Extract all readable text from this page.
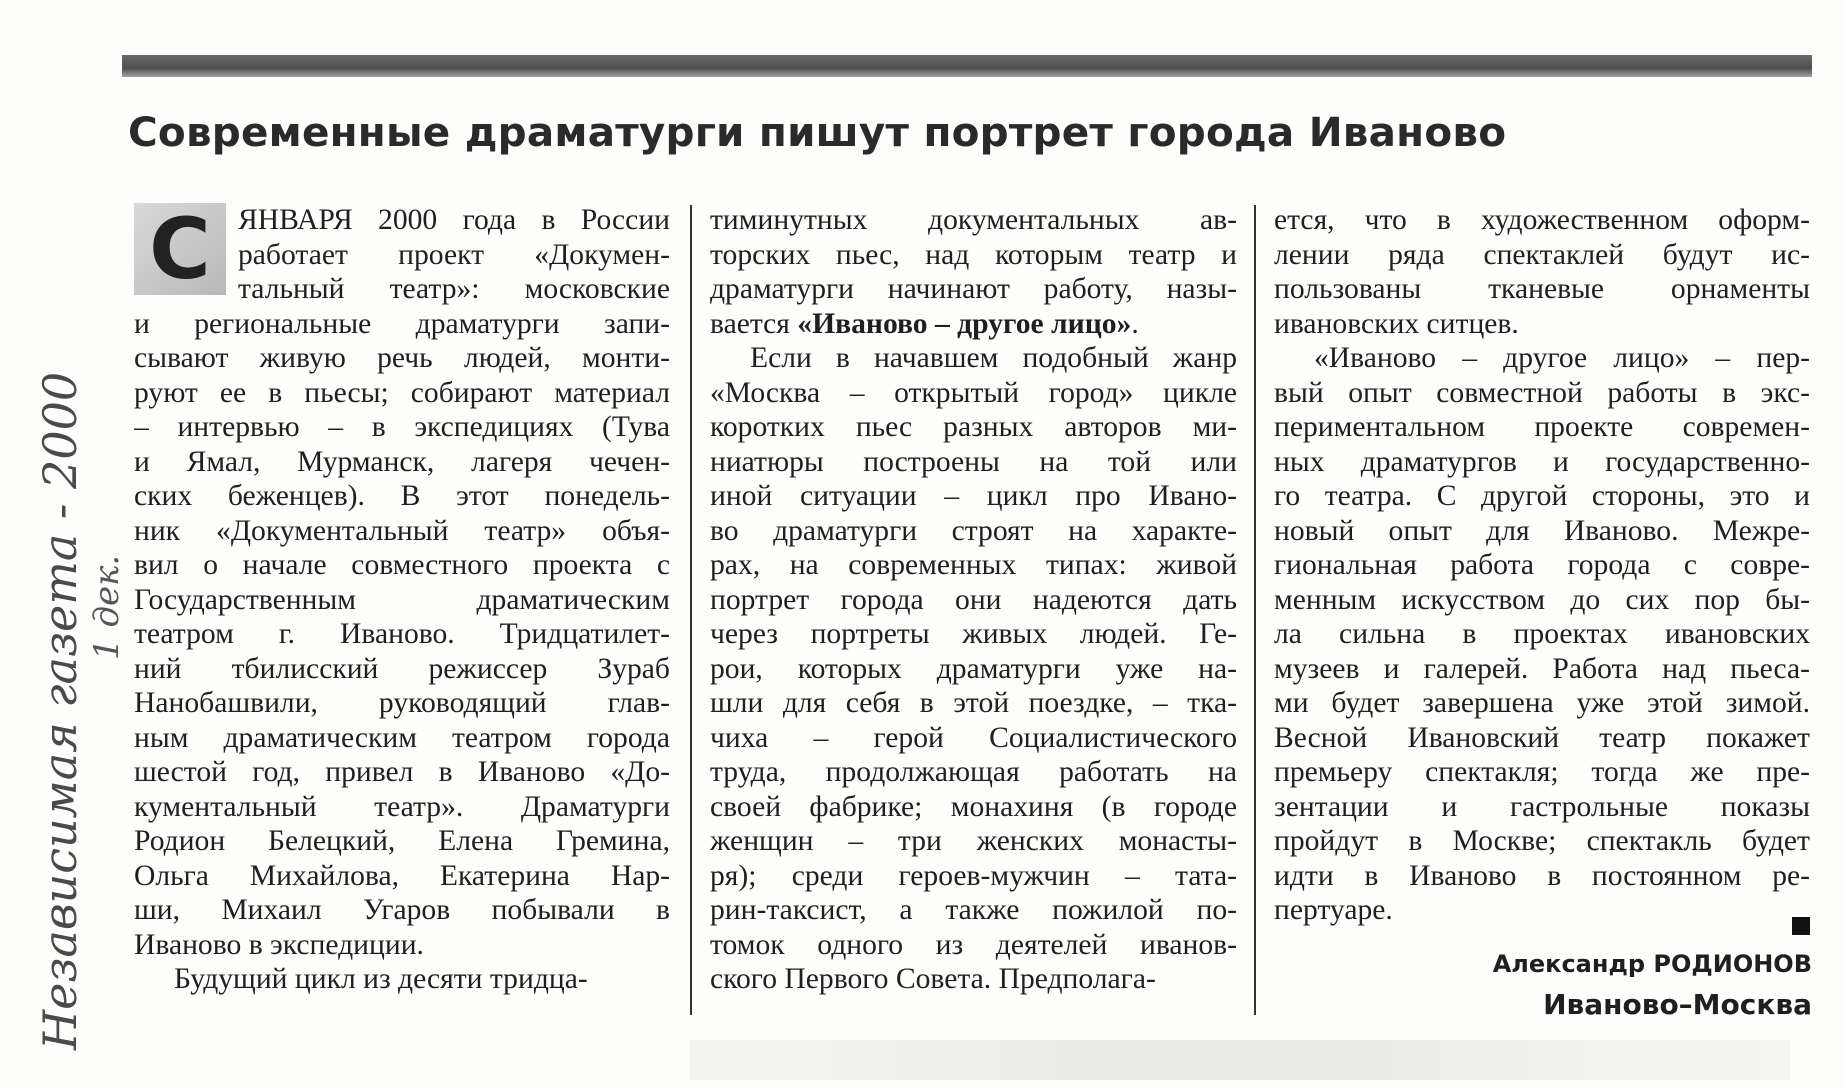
Независимая газета - 2000 1 дек.
Современные драматурги пишут портрет города Иваново
С ЯНВАРЯ 2000 года в России
работает проект «Докумен-
тальный театр»: московские
и региональные драматурги запи-
сывают живую речь людей, монти-
руют ее в пьесы; собирают материал
– интервью – в экспедициях (Тува
и Ямал, Мурманск, лагеря чечен-
ских беженцев). В этот понедель-
ник «Документальный театр» объя-
вил о начале совместного проекта с
Государственным драматическим
театром г. Иваново. Тридцатилет-
ний тбилисский режиссер Зураб
Нанобашвили, руководящий глав-
ным драматическим театром города
шестой год, привел в Иваново «До-
кументальный театр». Драматурги
Родион Белецкий, Елена Гремина,
Ольга Михайлова, Екатерина Нар-
ши, Михаил Угаров побывали в
Иваново в экспедиции.
Будущий цикл из десяти тридца-
тиминутных документальных ав-
торских пьес, над которым театр и
драматурги начинают работу, назы-
вается «Иваново – другое лицо».
Если в начавшем подобный жанр
«Москва – открытый город» цикле
коротких пьес разных авторов ми-
ниатюры построены на той или
иной ситуации – цикл про Ивано-
во драматурги строят на характе-
рах, на современных типах: живой
портрет города они надеются дать
через портреты живых людей. Ге-
рои, которых драматурги уже на-
шли для себя в этой поездке, – тка-
чиха – герой Социалистического
труда, продолжающая работать на
своей фабрике; монахиня (в городе
женщин – три женских монасты-
ря); среди героев-мужчин – тата-
рин-таксист, а также пожилой по-
томок одного из деятелей иванов-
ского Первого Совета. Предполага-
ется, что в художественном оформ-
лении ряда спектаклей будут ис-
пользованы тканевые орнаменты
ивановских ситцев.
«Иваново – другое лицо» – пер-
вый опыт совместной работы в экс-
периментальном проекте современ-
ных драматургов и государственно-
го театра. С другой стороны, это и
новый опыт для Иваново. Межре-
гиональная работа города с совре-
менным искусством до сих пор бы-
ла сильна в проектах ивановских
музеев и галерей. Работа над пьеса-
ми будет завершена уже этой зимой.
Весной Ивановский театр покажет
премьеру спектакля; тогда же пре-
зентации и гастрольные показы
пройдут в Москве; спектакль будет
идти в Иваново в постоянном ре-
пертуаре.
Александр РОДИОНОВ
Иваново–Москва
